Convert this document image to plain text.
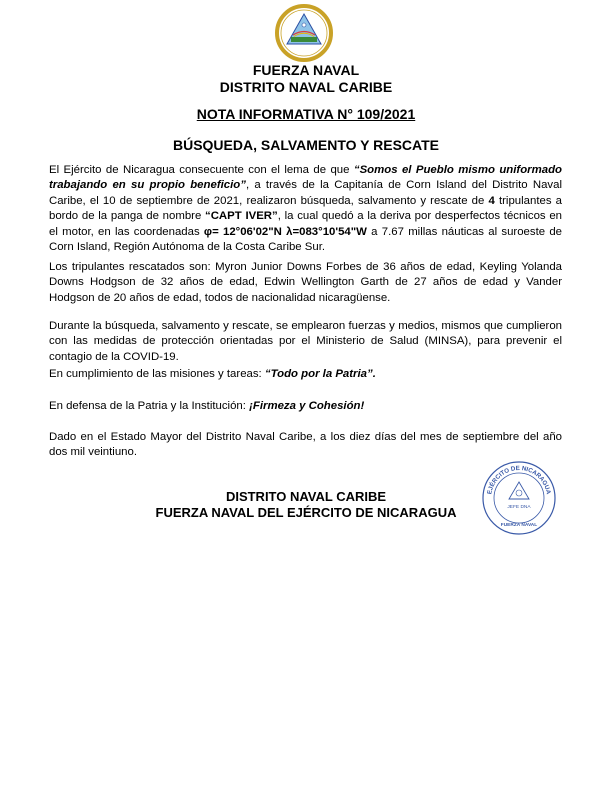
FUERZA NAVAL
DISTRITO NAVAL CARIBE
NOTA INFORMATIVA N° 109/2021
BÚSQUEDA, SALVAMENTO Y RESCATE
El Ejército de Nicaragua consecuente con el lema de que “Somos el Pueblo mismo uniformado trabajando en su propio beneficio”, a través de la Capitanía de Corn Island del Distrito Naval Caribe, el 10 de septiembre de 2021, realizaron búsqueda, salvamento y rescate de 4 tripulantes a bordo de la panga de nombre “CAPT IVER”, la cual quedó a la deriva por desperfectos técnicos en el motor, en las coordenadas φ= 12°06'02"N λ=083°10'54"W a 7.67 millas náuticas al suroeste de Corn Island, Región Autónoma de la Costa Caribe Sur.
Los tripulantes rescatados son: Myron Junior Downs Forbes de 36 años de edad, Keyling Yolanda Downs Hodgson de 32 años de edad, Edwin Wellington Garth de 27 años de edad y Vander Hodgson de 20 años de edad, todos de nacionalidad nicaragüense.
Durante la búsqueda, salvamento y rescate, se emplearon fuerzas y medios, mismos que cumplieron con las medidas de protección orientadas por el Ministerio de Salud (MINSA), para prevenir el contagio de la COVID-19.
En cumplimiento de las misiones y tareas: “Todo por la Patria”.
En defensa de la Patria y la Institución: ¡Firmeza y Cohesión!
Dado en el Estado Mayor del Distrito Naval Caribe, a los diez días del mes de septiembre del año dos mil veintiuno.
DISTRITO NAVAL CARIBE
FUERZA NAVAL DEL EJÉRCITO DE NICARAGUA
EJÉRCITO DE NICARAGUA
JEFE DNA
FUERZA NAVAL
